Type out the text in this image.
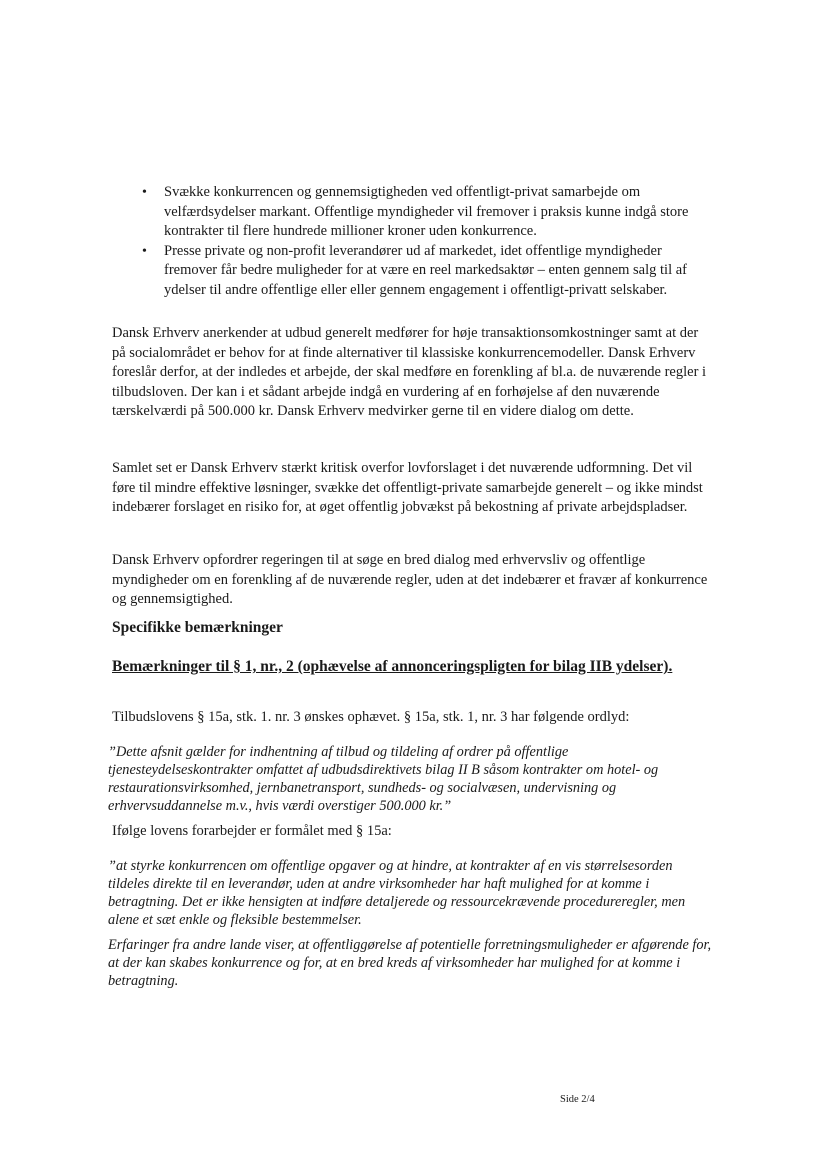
• Svække konkurrencen og gennemsigtigheden ved offentligt-privat samarbejde om velfærdsydelser markant. Offentlige myndigheder vil fremover i praksis kunne indgå store kontrakter til flere hundrede millioner kroner uden konkurrence.
• Presse private og non-profit leverandører ud af markedet, idet offentlige myndigheder fremover får bedre muligheder for at være en reel markedsaktør – enten gennem salg til af ydelser til andre offentlige eller eller gennem engagement i offentligt-privatt selskaber.

Dansk Erhverv anerkender at udbud generelt medfører for høje transaktionsomkostninger samt at der på socialområdet er behov for at finde alternativer til klassiske konkurrencemodeller. Dansk Erhverv foreslår derfor, at der indledes et arbejde, der skal medføre en forenkling af bl.a. de nuværende regler i tilbudsloven. Der kan i et sådant arbejde indgå en vurdering af en forhøjelse af den nuværende tærskelværdi på 500.000 kr. Dansk Erhverv medvirker gerne til en videre dialog om dette.

Samlet set er Dansk Erhverv stærkt kritisk overfor lovforslaget i det nuværende udformning. Det vil føre til mindre effektive løsninger, svække det offentligt-private samarbejde generelt – og ikke mindst indebærer forslaget en risiko for, at øget offentlig jobvækst på bekostning af private arbejdspladser.

Dansk Erhverv opfordrer regeringen til at søge en bred dialog med erhvervsliv og offentlige myndigheder om en forenkling af de nuværende regler, uden at det indebærer et fravær af konkurrence og gennemsigtighed.

Specifikke bemærkninger
Bemærkninger til § 1, nr., 2 (ophævelse af annonceringspligten for bilag IIB ydelser).

Tilbudslovens § 15a, stk. 1. nr. 3 ønskes ophævet. § 15a, stk. 1, nr. 3 har følgende ordlyd:

”Dette afsnit gælder for indhentning af tilbud og tildeling af ordrer på offentlige tjenesteydelseskontrakter omfattet af udbudsdirektivets bilag II B såsom kontrakter om hotel- og restaurationsvirksomhed, jernbanetransport, sundheds- og socialvæsen, undervisning og erhvervsuddannelse m.v., hvis værdi overstiger 500.000 kr.”

Ifølge lovens forarbejder er formålet med § 15a:

”at styrke konkurrencen om offentlige opgaver og at hindre, at kontrakter af en vis størrelsesorden tildeles direkte til en leverandør, uden at andre virksomheder har haft mulighed for at komme i betragtning. Det er ikke hensigten at indføre detaljerede og ressourcekrævende procedureregler, men alene et sæt enkle og fleksible bestemmelser.

Erfaringer fra andre lande viser, at offentliggørelse af potentielle forretningsmuligheder er afgørende for, at der kan skabes konkurrence og for, at en bred kreds af virksomheder har mulighed for at komme i betragtning.

Side 2/4
